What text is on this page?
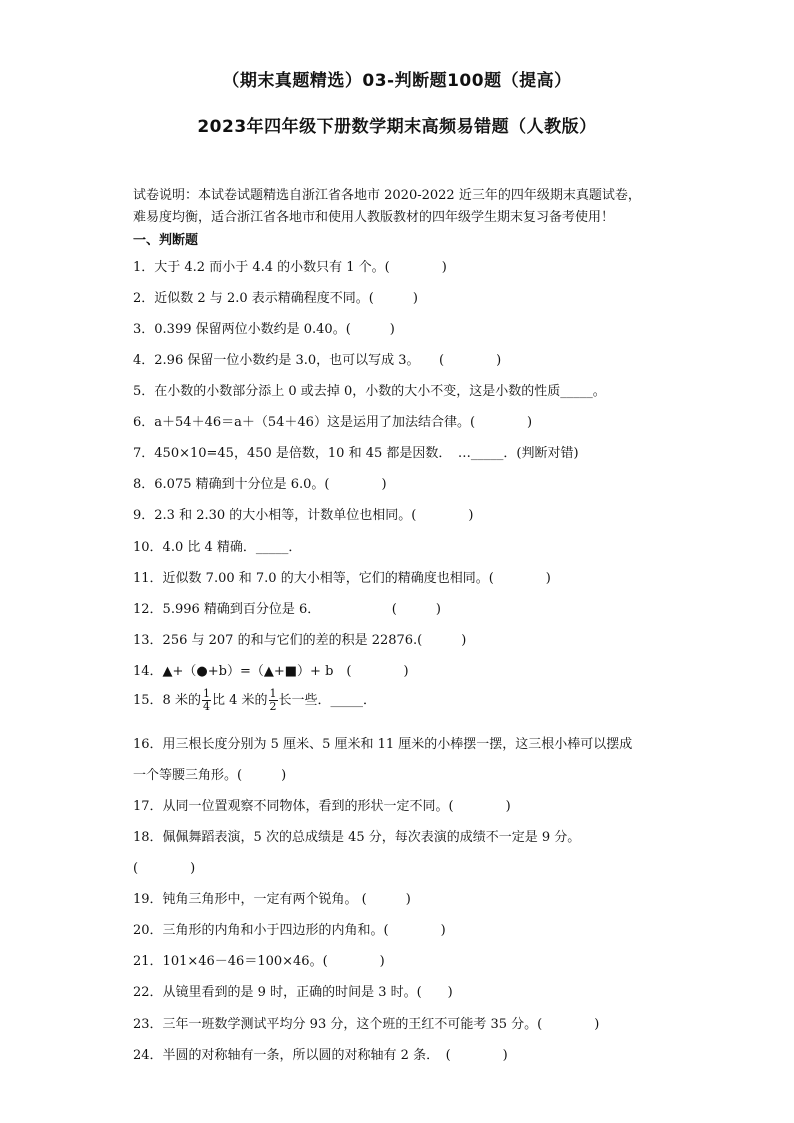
（期末真题精选）03-判断题100题（提高）
2023年四年级下册数学期末高频易错题（人教版）
试卷说明：本试卷试题精选自浙江省各地市 2020-2022 近三年的四年级期末真题试卷，
难易度均衡，适合浙江省各地市和使用人教版教材的四年级学生期末复习备考使用！
一、判断题
1．大于 4.2 而小于 4.4 的小数只有 1 个。(　　　　)
2．近似数 2 与 2.0 表示精确程度不同。(　　　)
3．0.399 保留两位小数约是 0.40。(　　　)
4．2.96 保留一位小数约是 3.0，也可以写成 3。　　(　　　　)
5．在小数的小数部分添上 0 或去掉 0，小数的大小不变，这是小数的性质_____。
6．a＋54＋46＝a＋（54＋46）这是运用了加法结合律。(　　　　)
7．450×10=45，450 是倍数，10 和 45 都是因数．　…_____．(判断对错)
8．6.075 精确到十分位是 6.0。(　　　　)
9．2.3 和 2.30 的大小相等，计数单位也相同。(　　　　)
10．4.0 比 4 精确．_____．
11．近似数 7.00 和 7.0 的大小相等，它们的精确度也相同。(　　　　)
12．5.996 精确到百分位是 6．　　　　　　(　　　)
13．256 与 207 的和与它们的差的积是 22876.(　　　)
14．▲+（●+b）=（▲+■）+ b　(　　　　)
15．8 米的 $\frac{1}{4}$ 比 4 米的 $\frac{1}{2}$ 长一些．_____．
16．用三根长度分别为 5 厘米、5 厘米和 11 厘米的小棒摆一摆，这三根小棒可以摆成
一个等腰三角形。(　　　)
17．从同一位置观察不同物体，看到的形状一定不同。(　　　　)
18．佩佩舞蹈表演，5 次的总成绩是 45 分，每次表演的成绩不一定是 9 分。
(　　　　)
19．钝角三角形中，一定有两个锐角。 (　　　)
20．三角形的内角和小于四边形的内角和。(　　　　)
21．101×46－46＝100×46。(　　　　)
22．从镜里看到的是 9 时，正确的时间是 3 时。(　　)
23．三年一班数学测试平均分 93 分，这个班的王红不可能考 35 分。(　　　　)
24．半圆的对称轴有一条，所以圆的对称轴有 2 条．　(　　　　)
